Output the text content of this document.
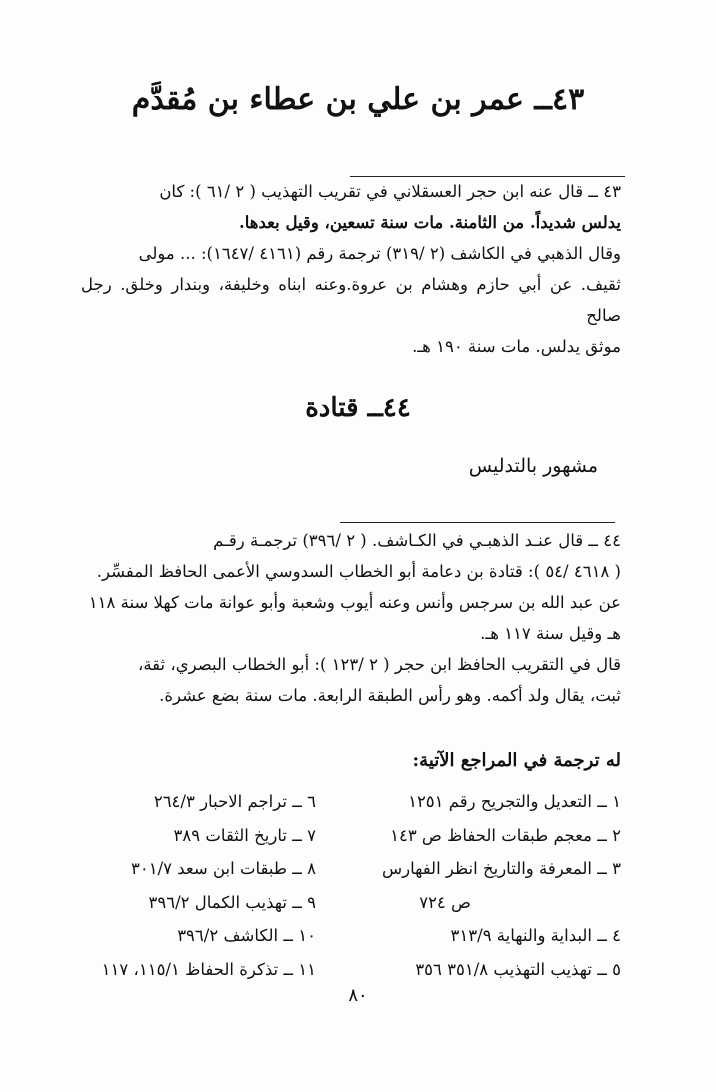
٤٣ــ عمر بن علي بن عطاء بن مُقدَّم

٤٣ ــ قال عنه ابن حجر العسقلاني في تقريب التهذيب ( ٢ /٦١ ): كان

يدلس شديداً. من الثامنة. مات سنة تسعين، وقيل بعدها.

وقال الذهبي في الكاشف (٢ /٣١٩) ترجمة رقم (٤١٦١ /١٦٤٧): ... مولى

ثقيف. عن أبي حازم وهشام بن عروة.وعنه ابناه وخليفة، وبندار وخلق. رجل صالح

موثق يدلس. مات سنة ١٩٠ هـ.

٤٤ــ قتادة
مشهور بالتدليس

٤٤ ــ قال عنـد الذهبـي في الكـاشف. ( ٢ /٣٩٦) ترجمـة رقـم

( ٤٦١٨ /٥٤ ): قتادة بن دعامة أبو الخطاب السدوسي الأعمى الحافظ المفسِّر.

عن عبد الله بن سرجس وأنس وعنه أيوب وشعبة وأبو عوانة مات كهلا سنة ١١٨

هـ وقيل سنة ١١٧ هـ.

قال في التقريب الحافظ ابن حجر ( ٢ /١٢٣ ): أبو الخطاب البصري، ثقة،

ثبت، يقال ولد أكمه. وهو رأس الطبقة الرابعة. مات سنة بضع عشرة.

له ترجمة في المراجع الآتية:
١ ــ التعديل والتجريح رقم ١٢٥١
٢ ــ معجم طبقات الحفاظ ص ١٤٣
٣ ــ المعرفة والتاريخ انظر الفهارس
ص ٧٢٤
٤ ــ البداية والنهاية ٣١٣/٩
٥ ــ تهذيب التهذيب ٣٥١/٨ ٣٥٦
٦ ــ تراجم الاحبار ٢٦٤/٣
٧ ــ تاريخ الثقات ٣٨٩
٨ ــ طبقات ابن سعد ٣٠١/٧
٩ ــ تهذيب الكمال ٣٩٦/٢
١٠ ــ الكاشف ٣٩٦/٢
١١ ــ تذكرة الحفاظ ١١٥/١، ١١٧
٨٠
